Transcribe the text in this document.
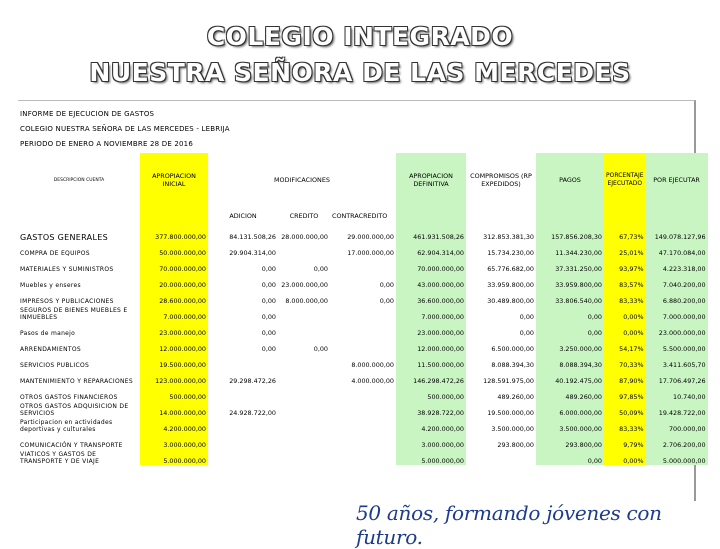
COLEGIO INTEGRADO
NUESTRA SEÑORA DE LAS MERCEDES
INFORME DE EJECUCION DE GASTOS
COLEGIO NUESTRA SEÑORA DE LAS MERCEDES - LEBRIJA
PERIODO DE ENERO A NOVIEMBRE 28 DE 2016
DESCRIPCION CUENTA	APROPIACION INICIAL	MODIFICACIONES			APROPIACION DEFINITIVA	COMPROMISOS (RP EXPEDIDOS)	PAGOS	PORCENTAJE EJECUTADO	POR EJECUTAR
		ADICION	CREDITO	CONTRACREDITO					
GASTOS GENERALES	377.800.000,00	84.131.508,26	28.000.000,00	29.000.000,00	461.931.508,26	312.853.381,30	157.856.208,30	67,73%	149.078.127,96
COMPRA DE EQUIPOS	50.000.000,00	29.904.314,00		17.000.000,00	62.904.314,00	15.734.230,00	11.344.230,00	25,01%	47.170.084,00
MATERIALES Y SUMINISTROS	70.000.000,00	0,00	0,00		70.000.000,00	65.776.682,00	37.331.250,00	93,97%	4.223.318,00
Muebles y enseres	20.000.000,00	0,00	23.000.000,00	0,00	43.000.000,00	33.959.800,00	33.959.800,00	83,57%	7.040.200,00
IMPRESOS Y PUBLICACIONES	28.600.000,00	0,00	8.000.000,00	0,00	36.600.000,00	30.489.800,00	33.806.540,00	83,33%	6.880.200,00
SEGUROS DE BIENES MUEBLES E INMUEBLES	7.000.000,00	0,00			7.000.000,00	0,00	0,00	0,00%	7.000.000,00
Pasos de manejo	23.000.000,00	0,00			23.000.000,00	0,00	0,00	0,00%	23.000.000,00
ARRENDAMIENTOS	12.000.000,00	0,00	0,00		12.000.000,00	6.500.000,00	3.250.000,00	54,17%	5.500.000,00
SERVICIOS PUBLICOS	19.500.000,00			8.000.000,00	11.500.000,00	8.088.394,30	8.088.394,30	70,33%	3.411.605,70
MANTENIMIENTO Y REPARACIONES	123.000.000,00	29.298.472,26		4.000.000,00	146.298.472,26	128.591.975,00	40.192.475,00	87,90%	17.706.497,26
OTROS GASTOS FINANCIEROS	500.000,00				500.000,00	489.260,00	489.260,00	97,85%	10.740,00
OTROS GASTOS ADQUISICION DE SERVICIOS	14.000.000,00	24.928.722,00			38.928.722,00	19.500.000,00	6.000.000,00	50,09%	19.428.722,00
Participacion en actividades deportivas y culturales	4.200.000,00				4.200.000,00	3.500.000,00	3.500.000,00	83,33%	700.000,00
COMUNICACIÓN Y TRANSPORTE	3.000.000,00				3.000.000,00	293.800,00	293.800,00	9,79%	2.706.200,00
VIATICOS Y GASTOS DE TRANSPORTE Y DE VIAJE	5.000.000,00				5.000.000,00		0,00	0,00%	5.000.000,00
50 años, formando jóvenes con futuro.
